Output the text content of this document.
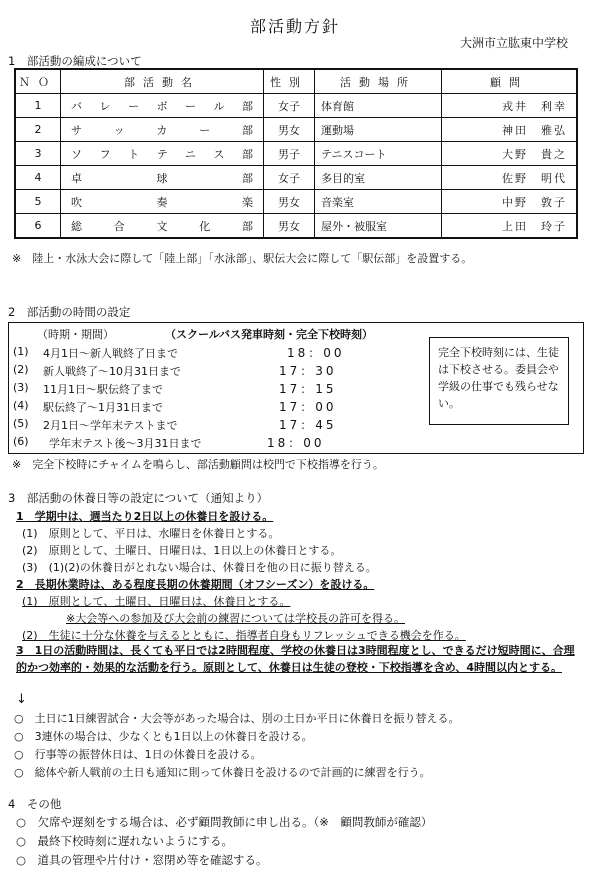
部活動方針
大洲市立肱東中学校
1　部活動の編成について
ＮＯ	部活動名	性別	活動場所	顧問
1	バレーボール部	女子	体育館	戎井　利幸
2	サッカー部	男女	運動場	神田　雅弘
3	ソフトテニス部	男子	テニスコート	大野　貴之
4	卓球部	女子	多目的室	佐野　明代
5	吹奏楽	男女	音楽室	中野　敦子
6	総合文化部	男女	屋外・被服室	上田　玲子
※　陸上・水泳大会に際して「陸上部」「水泳部」、駅伝大会に際して「駅伝部」を設置する。
2　部活動の時間の設定
（時期・期間）	（スクールバス発車時刻・完全下校時刻）
(1) 4月1日～新人戦終了日まで	18：00
(2) 新人戦終了～10月31日まで	17：30
(3) 11月1日～駅伝終了まで	17：15
(4) 駅伝終了～1月31日まで	17：00
(5) 2月1日～学年末テストまで	17：45
(6) 学年末テスト後～3月31日まで	18：00
完全下校時刻には、生徒は下校させる。委員会や学級の仕事でも残らせない。
※　完全下校時にチャイムを鳴らし、部活動顧問は校門で下校指導を行う。
3　部活動の休養日等の設定について（通知より）
1　学期中は、週当たり2日以上の休養日を設ける。
(1)　原則として、平日は、水曜日を休養日とする。
(2)　原則として、土曜日、日曜日は、1日以上の休養日とする。
(3)　(1)(2)の休養日がとれない場合は、休養日を他の日に振り替える。
2　長期休業時は、ある程度長期の休養期間（オフシーズン）を設ける。
(1)　原則として、土曜日、日曜日は、休養日とする。
※大会等への参加及び大会前の練習については学校長の許可を得る。
(2)　生徒に十分な休養を与えるとともに、指導者自身もリフレッシュできる機会を作る。
3　1日の活動時間は、長くても平日では2時間程度、学校の休養日は3時間程度とし、できるだけ短時間に、合理的かつ効率的・効果的な活動を行う。原則として、休養日は生徒の登校・下校指導を含め、4時間以内とする。
↓
○　土日に1日練習試合・大会等があった場合は、別の土日か平日に休養日を振り替える。
○　3連休の場合は、少なくとも1日以上の休養日を設ける。
○　行事等の振替休日は、1日の休養日を設ける。
○　総体や新人戦前の土日も通知に則って休養日を設けるので計画的に練習を行う。
4　その他
○　欠席や遅刻をする場合は、必ず顧問教師に申し出る。（※　顧問教師が確認）
○　最終下校時刻に遅れないようにする。
○　道具の管理や片付け・窓閉め等を確認する。
